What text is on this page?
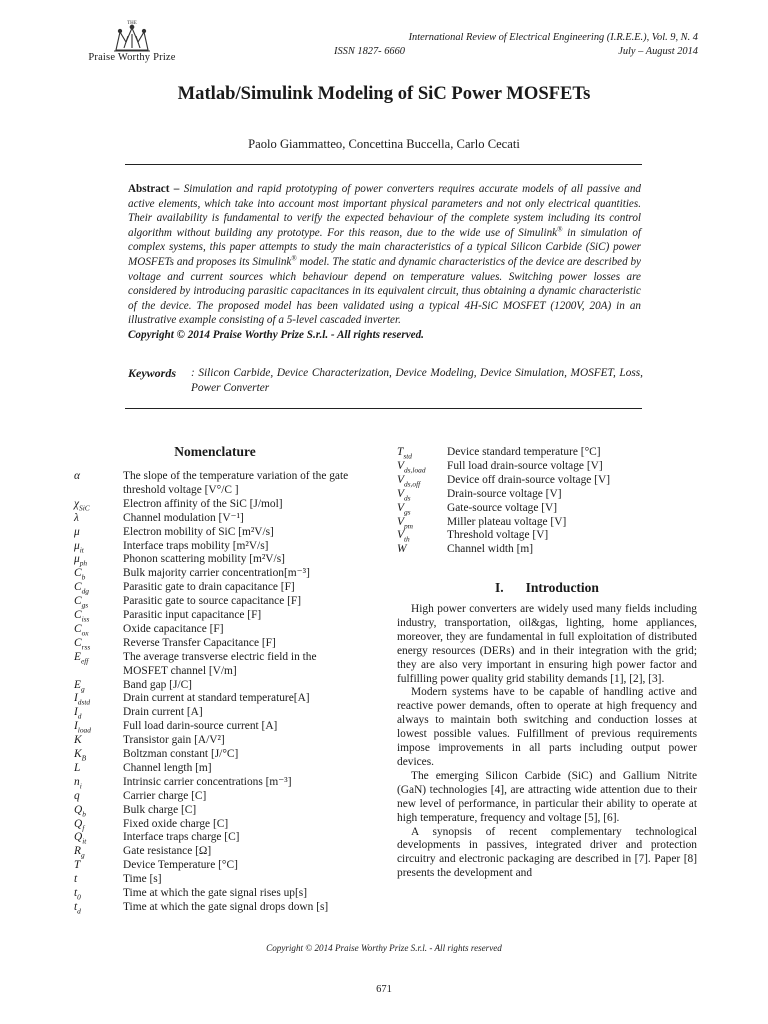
THE
Praise Worthy Prize
International Review of Electrical Engineering (I.R.E.E.), Vol. 9, N. 4
ISSN 1827- 6660	July – August 2014
Matlab/Simulink Modeling of SiC Power MOSFETs
Paolo Giammatteo, Concettina Buccella, Carlo Cecati
Abstract – Simulation and rapid prototyping of power converters requires accurate models of all passive and active elements, which take into account most important physical parameters and not only electrical quantities. Their availability is fundamental to verify the expected behaviour of the complete system including its control algorithm without building any prototype. For this reason, due to the wide use of Simulink® in simulation of complex systems, this paper attempts to study the main characteristics of a typical Silicon Carbide (SiC) power MOSFETs and proposes its Simulink® model. The static and dynamic characteristics of the device are described by voltage and current sources which behaviour depend on temperature values. Switching power losses are considered by introducing parasitic capacitances in its equivalent circuit, thus obtaining a dynamic characteristic of the device. The proposed model has been validated using a typical 4H-SiC MOSFET (1200V, 20A) in an illustrative example consisting of a 5-level cascaded inverter.
Copyright © 2014 Praise Worthy Prize S.r.l. - All rights reserved.
Keywords : Silicon Carbide, Device Characterization, Device Modeling, Device Simulation, MOSFET, Loss, Power Converter
Nomenclature
α	The slope of the temperature variation of the gate threshold voltage [V°/C ]
$\chi_{SiC}$	Electron affinity of the SiC [J/mol]
λ	Channel modulation [V⁻¹]
μ	Electron mobility of SiC [m²V/s]
$\mu_{it}$	Interface traps mobility [m²V/s]
$\mu_{ph}$	Phonon scattering mobility [m²V/s]
$C_b$	Bulk majority carrier concentration[m⁻³]
$C_{dg}$	Parasitic gate to drain capacitance [F]
$C_{gs}$	Parasitic gate to source capacitance [F]
$C_{iss}$	Parasitic input capacitance [F]
$C_{ox}$	Oxide capacitance [F]
$C_{rss}$	Reverse Transfer Capacitance [F]
$E_{eff}$	The average transverse electric field in the MOSFET channel [V/m]
$E_g$	Band gap [J/C]
$I_{dstd}$	Drain current at standard temperature[A]
$I_d$	Drain current [A]
$I_{load}$	Full load darin-source current [A]
K	Transistor gain [A/V²]
$K_B$	Boltzman constant [J/°C]
L	Channel length [m]
$n_i$	Intrinsic carrier concentrations [m⁻³]
q	Carrier charge [C]
$Q_b$	Bulk charge [C]
$Q_f$	Fixed oxide charge [C]
$Q_{it}$	Interface traps charge [C]
$R_g$	Gate resistance [Ω]
T	Device Temperature [°C]
t	Time [s]
$t_0$	Time at which the gate signal rises up[s]
$t_d$	Time at which the gate signal drops down [s]
$T_{std}$	Device standard temperature [°C]
$V_{ds,load}$	Full load drain-source voltage [V]
$V_{ds,off}$	Device off drain-source voltage [V]
$V_{ds}$	Drain-source voltage [V]
$V_{gs}$	Gate-source voltage [V]
$V_{pm}$	Miller plateau voltage [V]
$V_{th}$	Threshold voltage [V]
W	Channel width [m]
I. Introduction

High power converters are widely used many fields including industry, transportation, oil&gas, lighting, home appliances, moreover, they are fundamental in full exploitation of distributed energy resources (DERs) and in their integration with the grid; they are also very important in ensuring high power factor and fulfilling power quality grid stability demands [1], [2], [3].

Modern systems have to be capable of handling active and reactive power demands, often to operate at high frequency and always to maintain both switching and conduction losses at lowest possible values. Fulfillment of previous requirements impose improvements in all parts including output power devices.

The emerging Silicon Carbide (SiC) and Gallium Nitrite (GaN) technologies [4], are attracting wide attention due to their new level of performance, in particular their ability to operate at high temperature, frequency and voltage [5], [6].

A synopsis of recent complementary technological developments in passives, integrated driver and protection circuitry and electronic packaging are described in [7]. Paper [8] presents the development and

Copyright © 2014 Praise Worthy Prize S.r.l. - All rights reserved
671
